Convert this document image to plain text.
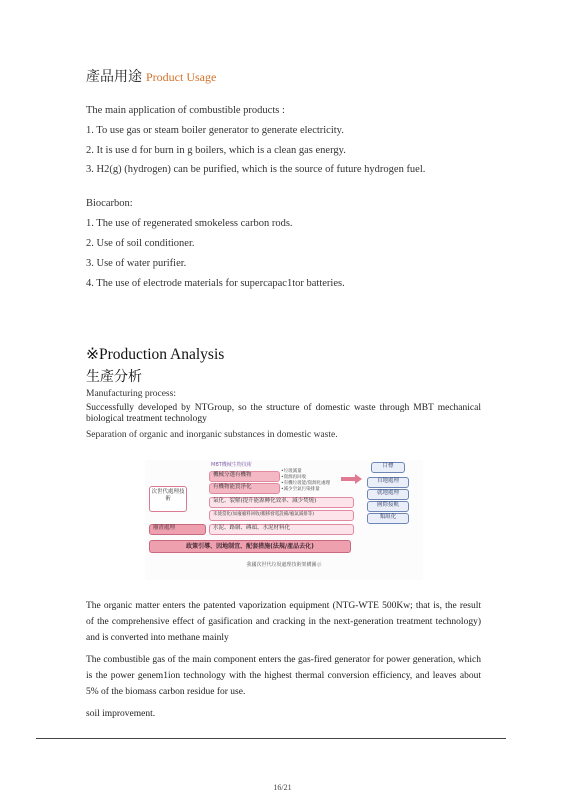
產品用途 Product Usage
The main application of combustible products :
1. To use gas or steam boiler generator to generate electricity.
2. It is use d for burn in g boilers, which is a clean gas energy.
3. H2(g) (hydrogen) can be purified, which is the source of future hydrogen fuel.
Biocarbon:
1. The use of regenerated smokeless carbon rods.
2. Use of soil conditioner.
3. Use of water purifier.
4. The use of electrode materials for supercapac1tor batteries.
※Production Analysis
生產分析
Manufacturing process:
Successfully developed by NTGroup, so the structure of domestic waste through MBT mechanical biological treatment technology
Separation of organic and inorganic substances in domestic waste.
MBT機械生物技術
次世代處理技術
機械分選有機物
有機物能質淨化
•垃圾減量
•資源再回收
•有機垃圾能/資源化處理
•減少空氣污染排量
氣化、裂解(提升能源轉化效率、減少焚燒)
未使當化(如廢廢料回收/搬移發電設備/廢氣減排等)
廢渣處理	水泥、路網、磚頭、水泥材料化
目標
自地處理
就地處理
國際接軌
類組化
政策引導、因地制宜、配套措施(法規/產品去化)
我國次世代垃圾處理技術架構圖示
The organic matter enters the patented vaporization equipment (NTG-WTE 500Kw; that is, the result of the comprehensive effect of gasification and cracking in the next-generation treatment technology) and is converted into methane mainly
The combustible gas of the main component enters the gas-fired generator for power generation, which is the power genem1ion technology with the highest thermal conversion efficiency, and leaves about 5% of the biomass carbon residue for use.
soil improvement.
16/21
